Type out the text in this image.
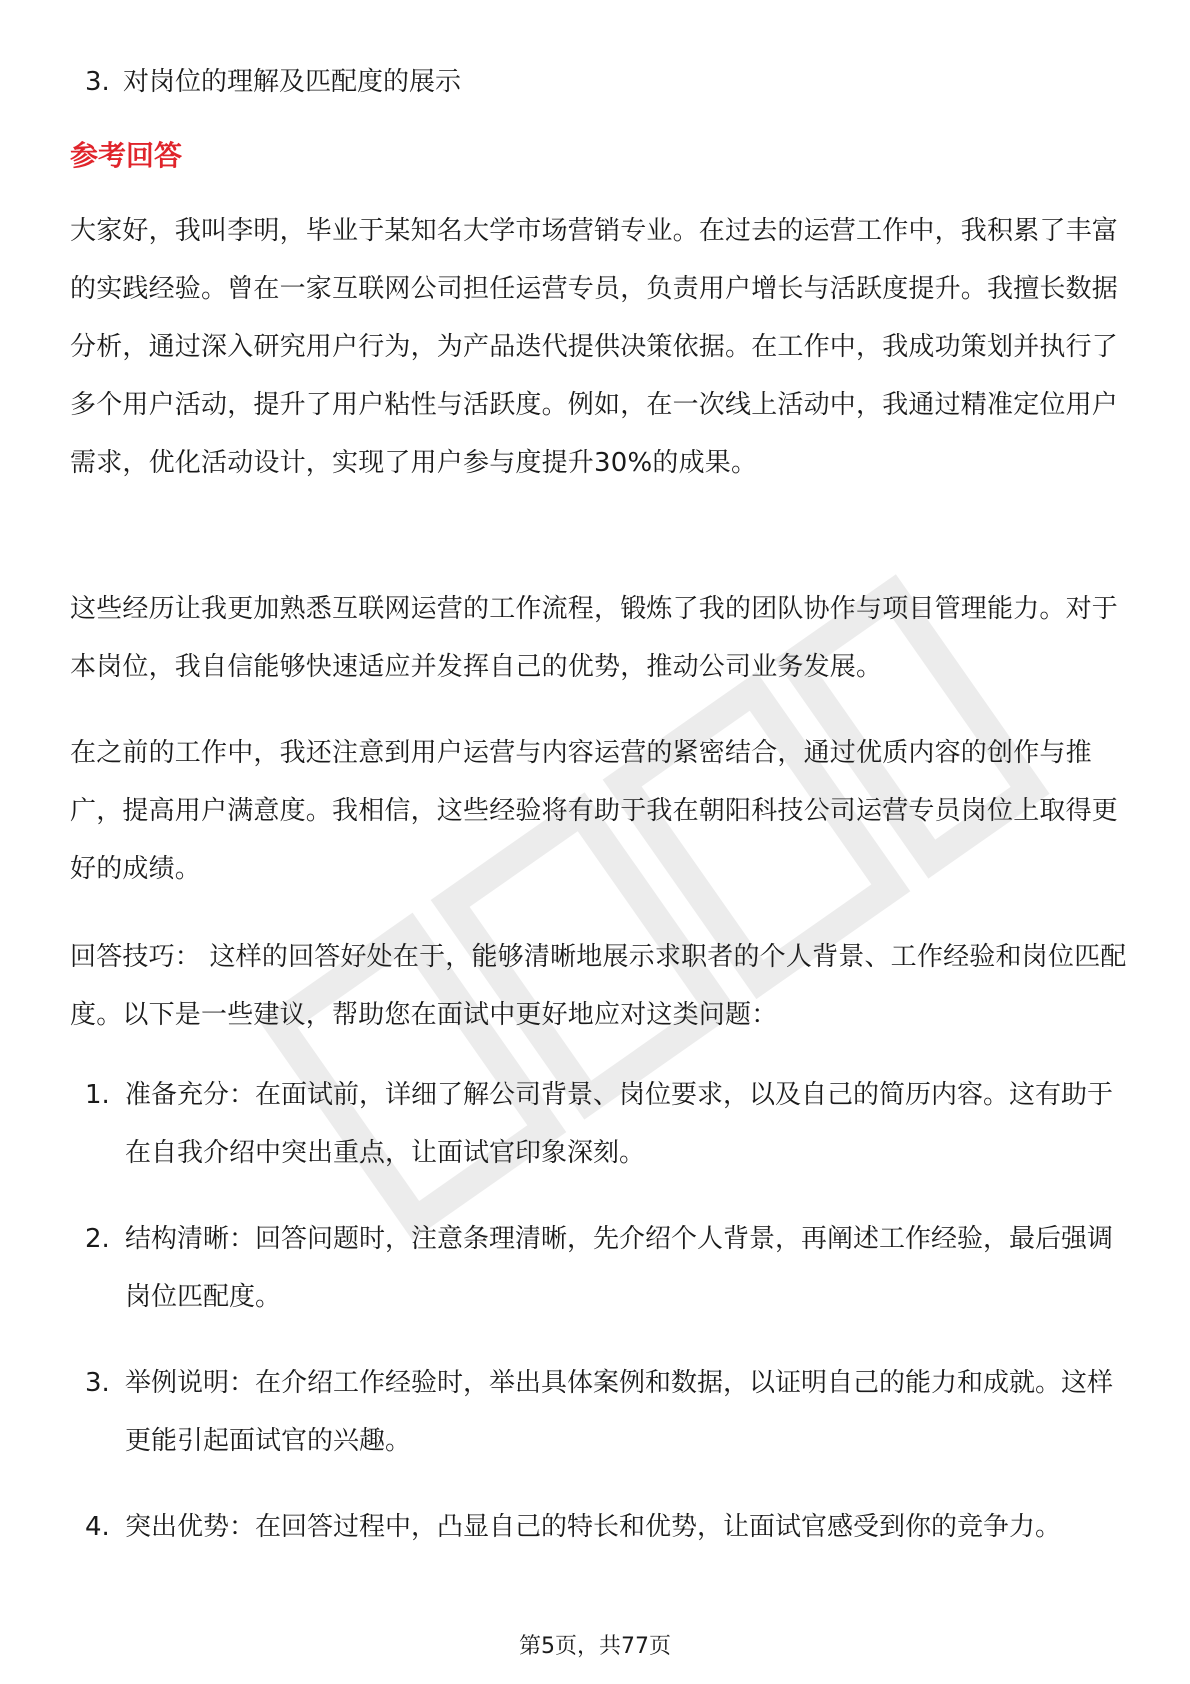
3. 对岗位的理解及匹配度的展示
参考回答
大家好，我叫李明，毕业于某知名大学市场营销专业。在过去的运营工作中，我积累了丰富的实践经验。曾在一家互联网公司担任运营专员，负责用户增长与活跃度提升。我擅长数据分析，通过深入研究用户行为，为产品迭代提供决策依据。在工作中，我成功策划并执行了多个用户活动，提升了用户粘性与活跃度。例如，在一次线上活动中，我通过精准定位用户需求，优化活动设计，实现了用户参与度提升30%的成果。
这些经历让我更加熟悉互联网运营的工作流程，锻炼了我的团队协作与项目管理能力。对于本岗位，我自信能够快速适应并发挥自己的优势，推动公司业务发展。
在之前的工作中，我还注意到用户运营与内容运营的紧密结合，通过优质内容的创作与推广，提高用户满意度。我相信，这些经验将有助于我在朝阳科技公司运营专员岗位上取得更好的成绩。
回答技巧： 这样的回答好处在于，能够清晰地展示求职者的个人背景、工作经验和岗位匹配度。以下是一些建议，帮助您在面试中更好地应对这类问题：
1. 准备充分：在面试前，详细了解公司背景、岗位要求，以及自己的简历内容。这有助于在自我介绍中突出重点，让面试官印象深刻。
2. 结构清晰：回答问题时，注意条理清晰，先介绍个人背景，再阐述工作经验，最后强调岗位匹配度。
3. 举例说明：在介绍工作经验时，举出具体案例和数据，以证明自己的能力和成就。这样更能引起面试官的兴趣。
4. 突出优势：在回答过程中，凸显自己的特长和优势，让面试官感受到你的竞争力。
第5页，共77页
